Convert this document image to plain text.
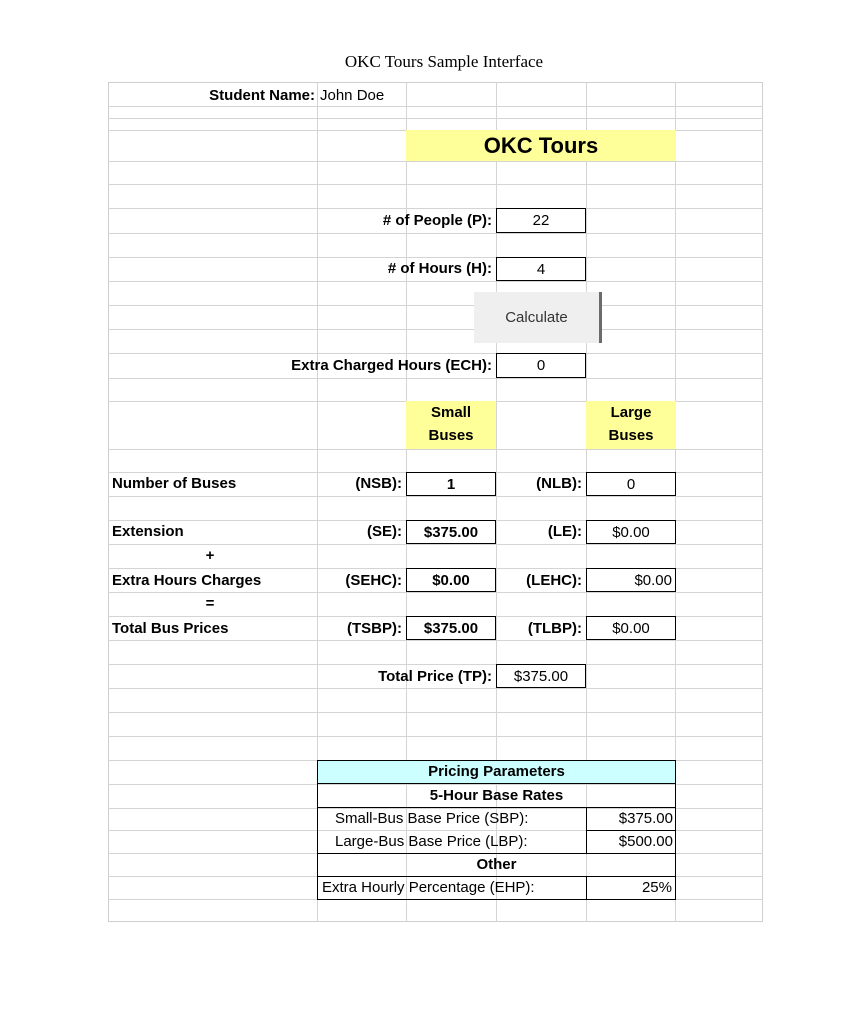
OKC Tours Sample Interface
Student Name: John Doe
OKC Tours
# of People (P):	22
# of Hours (H):	4
Calculate
Extra Charged Hours (ECH):	0
Small
Buses
Large
Buses
Number of Buses	(NSB):	1	(NLB):	0
Extension	(SE):	$375.00	(LE):	$0.00
+
Extra Hours Charges	(SEHC):	$0.00	(LEHC):	$0.00
=
Total Bus Prices	(TSBP):	$375.00	(TLBP):	$0.00
Total Price (TP):	$375.00
Pricing Parameters
5-Hour Base Rates
Small-Bus Base Price (SBP):	$375.00
Large-Bus Base Price (LBP):	$500.00
Other
Extra Hourly Percentage (EHP):	25%
